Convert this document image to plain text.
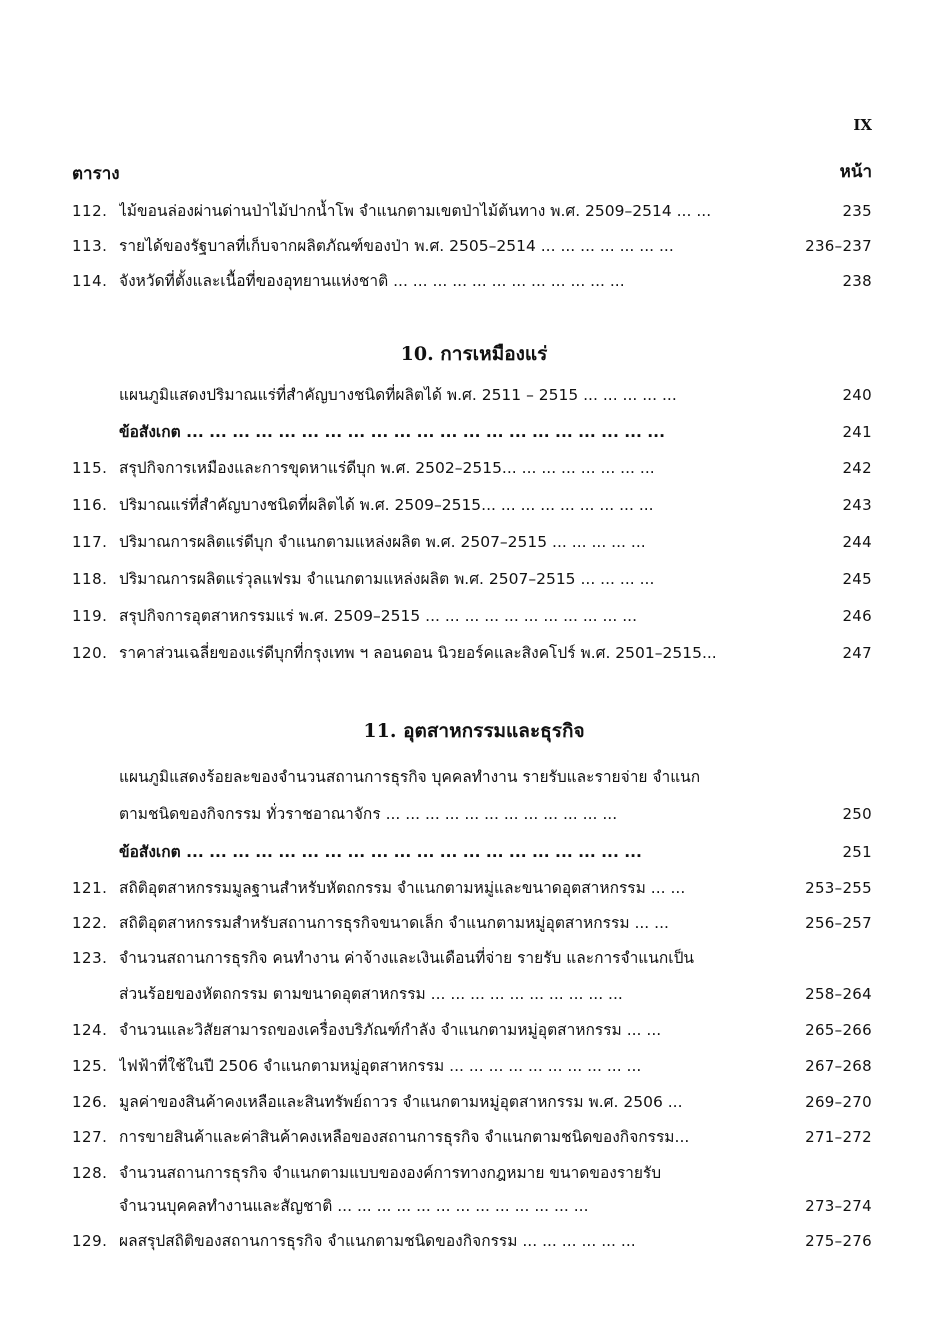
IX
ตาราง	หน้า
112. ไม้ขอนล่องผ่านด่านป่าไม้ปากน้ำโพ จำแนกตามเขตป่าไม้ต้นทาง พ.ศ. 2509–2514 ... ...	235
113. รายได้ของรัฐบาลที่เก็บจากผลิตภัณฑ์ของป่า พ.ศ. 2505–2514 ... ... ... ... ... ... ...	236–237
114. จังหวัดที่ตั้งและเนื้อที่ของอุทยานแห่งชาติ ... ... ... ... ... ... ... ... ... ... ... ...	238
10. การเหมืองแร่
แผนภูมิแสดงปริมาณแร่ที่สำคัญบางชนิดที่ผลิตได้ พ.ศ. 2511 – 2515 ... ... ... ... ...	240
ข้อสังเกต ... ... ... ... ... ... ... ... ... ... ... ... ... ... ... ... ... ... ... ... ...	241
115. สรุปกิจการเหมืองและการขุดหาแร่ดีบุก พ.ศ. 2502–2515... ... ... ... ... ... ... ...	242
116. ปริมาณแร่ที่สำคัญบางชนิดที่ผลิตได้ พ.ศ. 2509–2515... ... ... ... ... ... ... ... ...	243
117. ปริมาณการผลิตแร่ดีบุก จำแนกตามแหล่งผลิต พ.ศ. 2507–2515 ... ... ... ... ...	244
118. ปริมาณการผลิตแร่วุลแฟรม จำแนกตามแหล่งผลิต พ.ศ. 2507–2515 ... ... ... ...	245
119. สรุปกิจการอุตสาหกรรมแร่ พ.ศ. 2509–2515 ... ... ... ... ... ... ... ... ... ... ...	246
120. ราคาส่วนเฉลี่ยของแร่ดีบุกที่กรุงเทพ ฯ ลอนดอน นิวยอร์คและสิงคโปร์ พ.ศ. 2501–2515...	247
11. อุตสาหกรรมและธุรกิจ
แผนภูมิแสดงร้อยละของจำนวนสถานการธุรกิจ บุคคลทำงาน รายรับและรายจ่าย จำแนก
ตามชนิดของกิจกรรม ทั่วราชอาณาจักร ... ... ... ... ... ... ... ... ... ... ... ...	250
ข้อสังเกต ... ... ... ... ... ... ... ... ... ... ... ... ... ... ... ... ... ... ... ...	251
121. สถิติอุตสาหกรรมมูลฐานสำหรับหัตถกรรม จำแนกตามหมู่และขนาดอุตสาหกรรม ... ...	253–255
122. สถิติอุตสาหกรรมสำหรับสถานการธุรกิจขนาดเล็ก จำแนกตามหมู่อุตสาหกรรม ... ...	256–257
123. จำนวนสถานการธุรกิจ คนทำงาน ค่าจ้างและเงินเดือนที่จ่าย รายรับ และการจำแนกเป็น
ส่วนร้อยของหัตถกรรม ตามขนาดอุตสาหกรรม ... ... ... ... ... ... ... ... ... ...	258–264
124. จำนวนและวิสัยสามารถของเครื่องบริภัณฑ์กำลัง จำแนกตามหมู่อุตสาหกรรม ... ...	265–266
125. ไฟฟ้าที่ใช้ในปี 2506 จำแนกตามหมู่อุตสาหกรรม ... ... ... ... ... ... ... ... ... ...	267–268
126. มูลค่าของสินค้าคงเหลือและสินทรัพย์ถาวร จำแนกตามหมู่อุตสาหกรรม พ.ศ. 2506 ...	269–270
127. การขายสินค้าและค่าสินค้าคงเหลือของสถานการธุรกิจ จำแนกตามชนิดของกิจกรรม...	271–272
128. จำนวนสถานการธุรกิจ จำแนกตามแบบขององค์การทางกฎหมาย ขนาดของรายรับ
จำนวนบุคคลทำงานและสัญชาติ ... ... ... ... ... ... ... ... ... ... ... ... ...	273–274
129. ผลสรุปสถิติของสถานการธุรกิจ จำแนกตามชนิดของกิจกรรม ... ... ... ... ... ...	275–276
